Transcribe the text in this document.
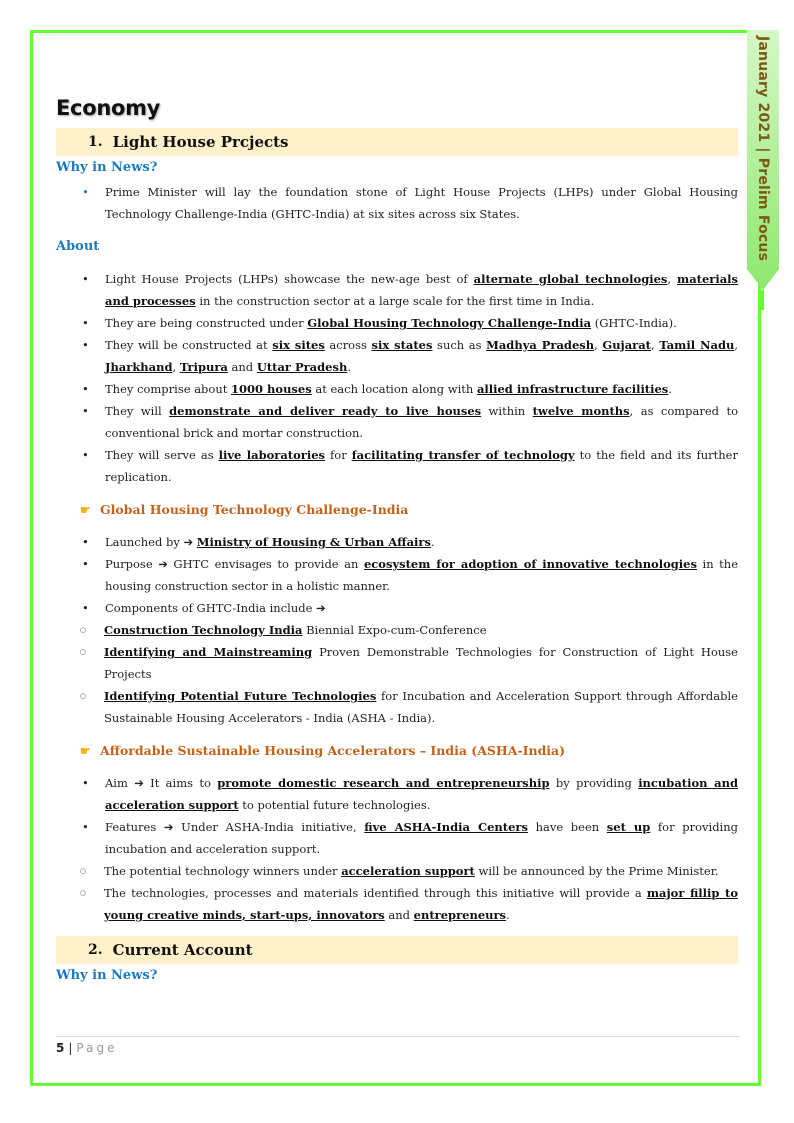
January 2021 | Prelim Focus
Economy
1. Light House Prcjects
Why in News?
• Prime Minister will lay the foundation stone of Light House Projects (LHPs) under Global Housing Technology Challenge-India (GHTC-India) at six sites across six States.
About
• Light House Projects (LHPs) showcase the new-age best of alternate global technologies, materials and processes in the construction sector at a large scale for the first time in India.
• They are being constructed under Global Housing Technology Challenge-India (GHTC-India).
• They will be constructed at six sites across six states such as Madhya Pradesh, Gujarat, Tamil Nadu, Jharkhand, Tripura and Uttar Pradesh.
• They comprise about 1000 houses at each location along with allied infrastructure facilities.
• They will demonstrate and deliver ready to live houses within twelve months, as compared to conventional brick and mortar construction.
• They will serve as live laboratories for facilitating transfer of technology to the field and its further replication.
☛ Global Housing Technology Challenge-India
• Launched by ➔ Ministry of Housing & Urban Affairs.
• Purpose ➔ GHTC envisages to provide an ecosystem for adoption of innovative technologies in the housing construction sector in a holistic manner.
• Components of GHTC-India include ➔
○ Construction Technology India Biennial Expo-cum-Conference
○ Identifying and Mainstreaming Proven Demonstrable Technologies for Construction of Light House Projects
○ Identifying Potential Future Technologies for Incubation and Acceleration Support through Affordable Sustainable Housing Accelerators - India (ASHA - India).
☛ Affordable Sustainable Housing Accelerators – India (ASHA-India)
• Aim ➔ It aims to promote domestic research and entrepreneurship by providing incubation and acceleration support to potential future technologies.
• Features ➔ Under ASHA-India initiative, five ASHA-India Centers have been set up for providing incubation and acceleration support.
○ The potential technology winners under acceleration support will be announced by the Prime Minister.
○ The technologies, processes and materials identified through this initiative will provide a major fillip to young creative minds, start-ups, innovators and entrepreneurs.
2. Current Account
Why in News?
5 | Page
